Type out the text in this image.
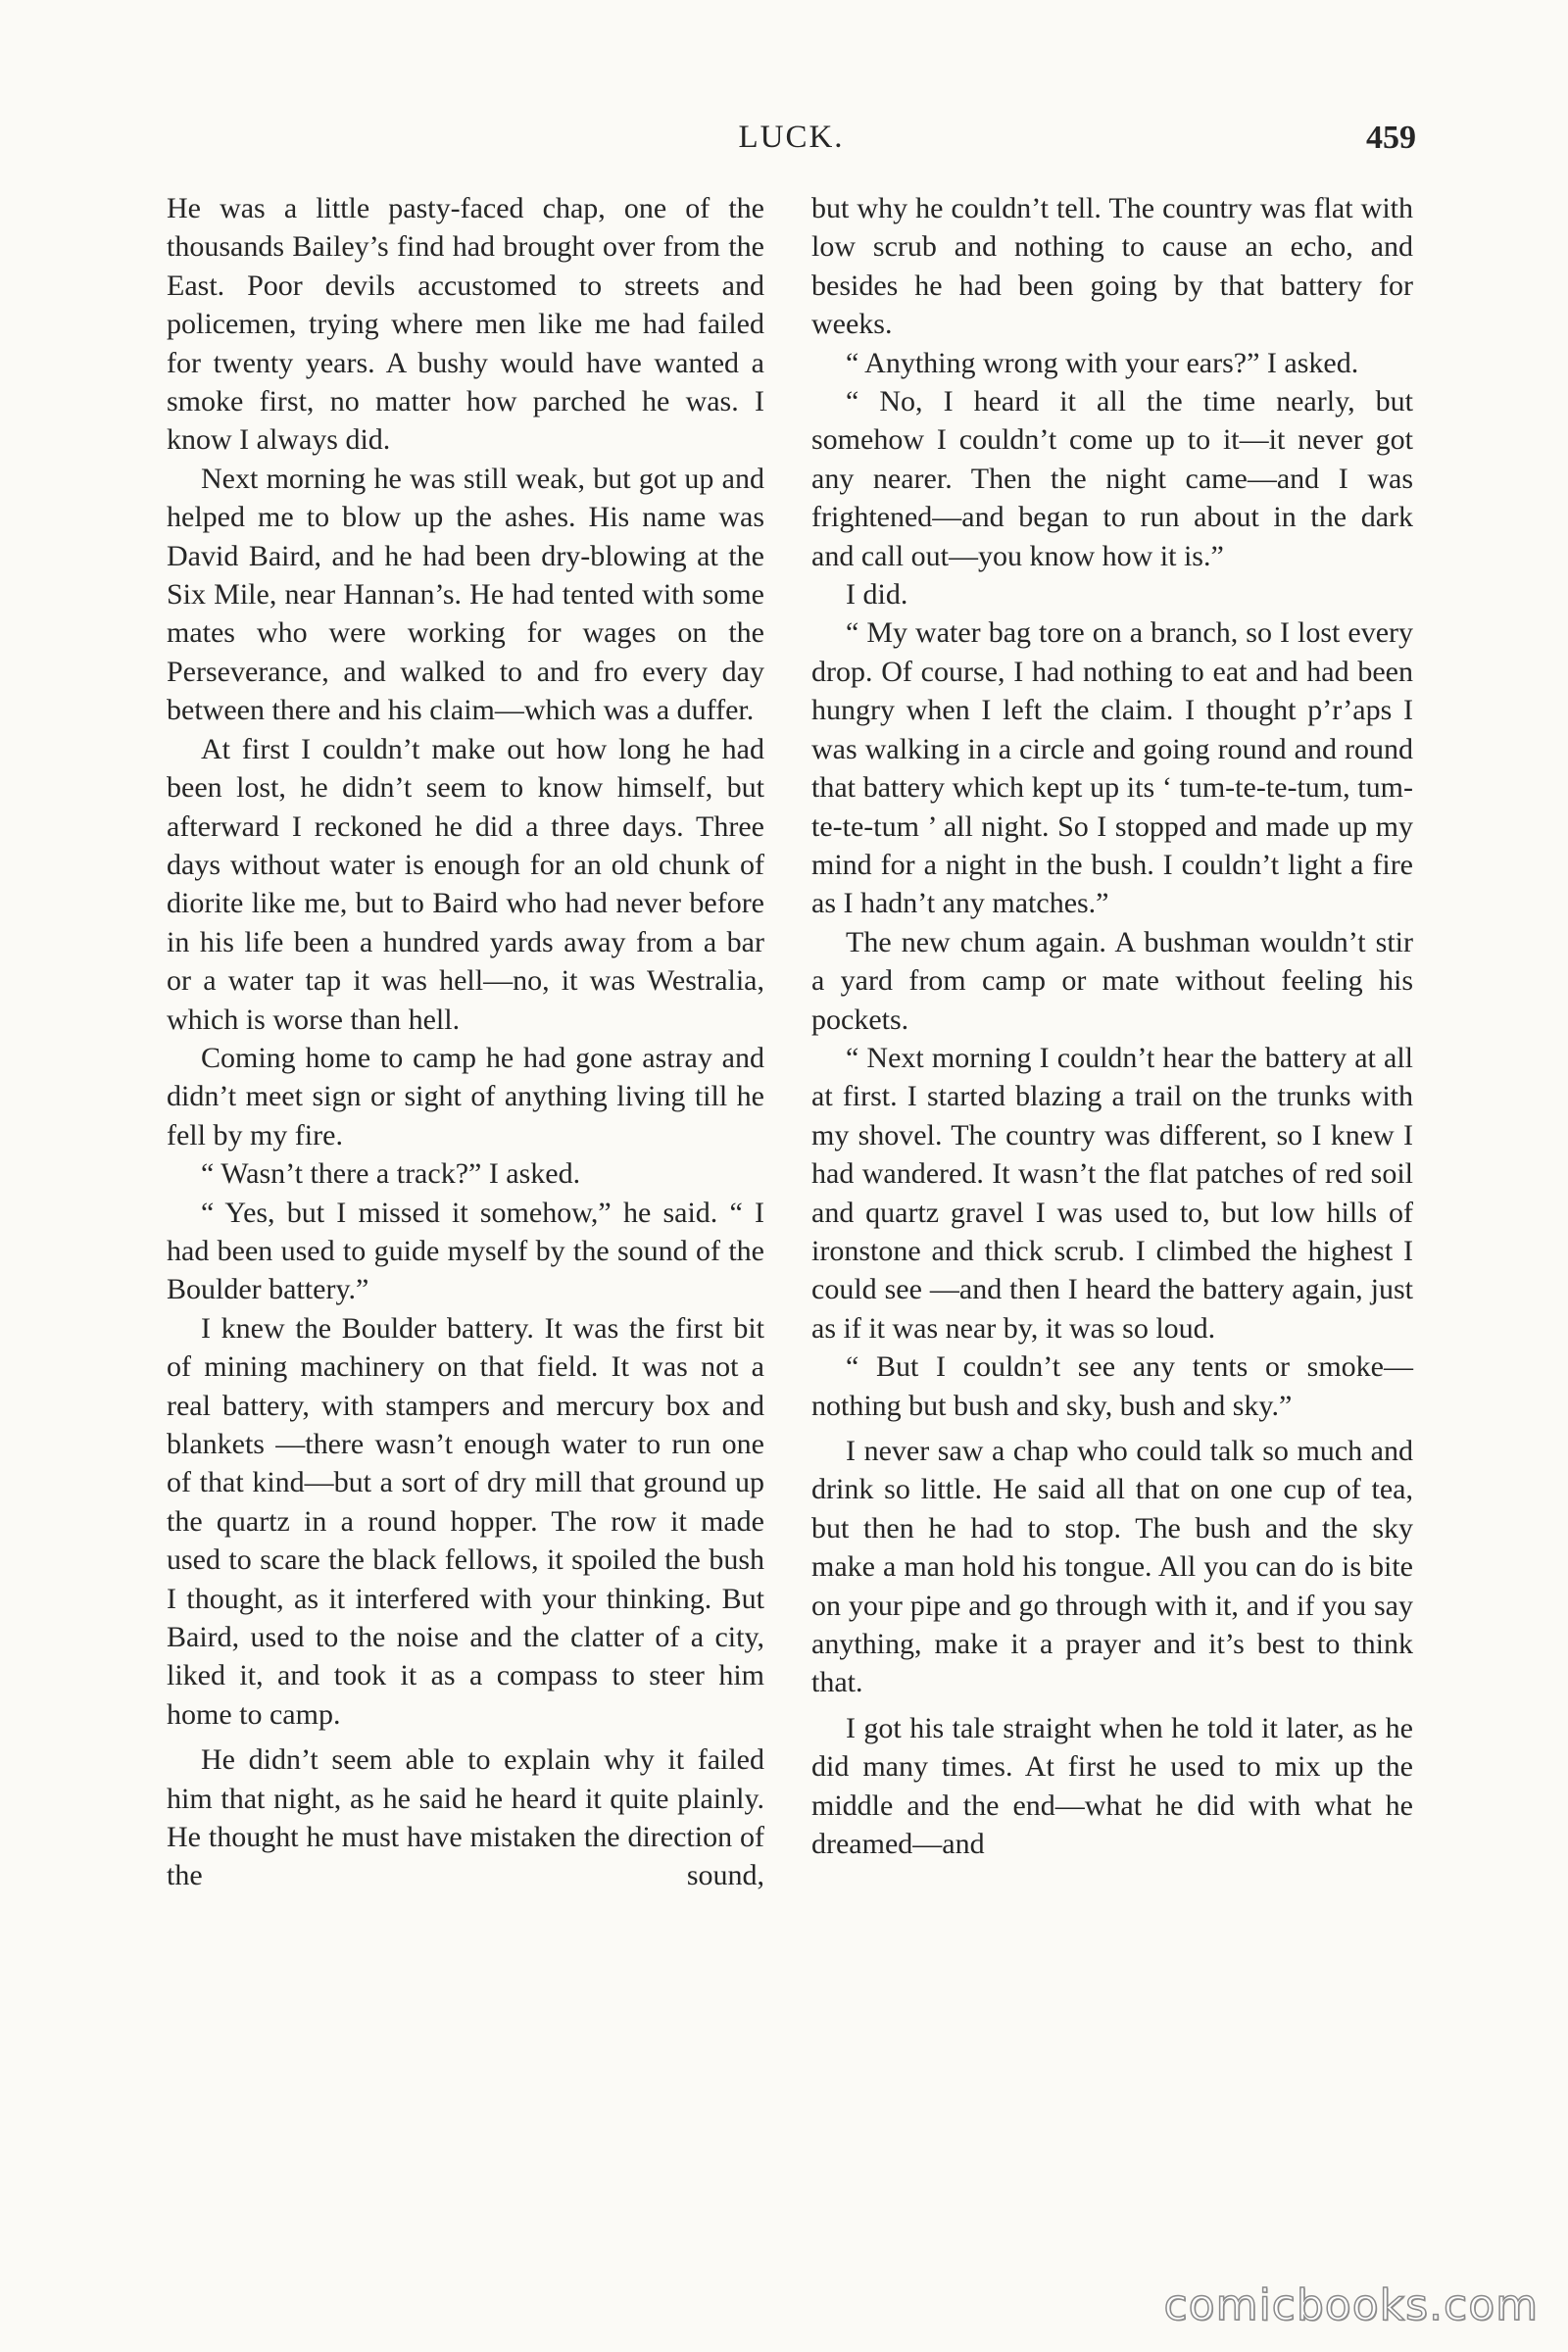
LUCK.	459

He was a little pasty-faced chap, one of the thousands Bailey’s find had brought over from the East. Poor devils accustomed to streets and policemen, trying where men like me had failed for twenty years. A bushy would have wanted a smoke first, no matter how parched he was. I know I always did.

Next morning he was still weak, but got up and helped me to blow up the ashes. His name was David Baird, and he had been dry-blowing at the Six Mile, near Hannan’s. He had tented with some mates who were working for wages on the Perseverance, and walked to and fro every day between there and his claim—which was a duffer.

At first I couldn’t make out how long he had been lost, he didn’t seem to know himself, but afterward I reckoned he did a three days. Three days without water is enough for an old chunk of diorite like me, but to Baird who had never before in his life been a hundred yards away from a bar or a water tap it was hell—no, it was Westralia, which is worse than hell.

Coming home to camp he had gone astray and didn’t meet sign or sight of anything living till he fell by my fire.

“ Wasn’t there a track?” I asked.

“ Yes, but I missed it somehow,” he said. “ I had been used to guide myself by the sound of the Boulder battery.”

I knew the Boulder battery. It was the first bit of mining machinery on that field. It was not a real battery, with stampers and mercury box and blankets —there wasn’t enough water to run one of that kind—but a sort of dry mill that ground up the quartz in a round hopper. The row it made used to scare the black fellows, it spoiled the bush I thought, as it interfered with your thinking. But Baird, used to the noise and the clatter of a city, liked it, and took it as a compass to steer him home to camp.

He didn’t seem able to explain why it failed him that night, as he said he heard it quite plainly. He thought he must have mistaken the direction of the sound,

but why he couldn’t tell. The country was flat with low scrub and nothing to cause an echo, and besides he had been going by that battery for weeks.

“ Anything wrong with your ears?” I asked.

“ No, I heard it all the time nearly, but somehow I couldn’t come up to it—it never got any nearer. Then the night came—and I was frightened—and began to run about in the dark and call out—you know how it is.”

I did.

“ My water bag tore on a branch, so I lost every drop. Of course, I had nothing to eat and had been hungry when I left the claim. I thought p’r’aps I was walking in a circle and going round and round that battery which kept up its ‘ tum-te-te-tum, tum-te-te-tum ’ all night. So I stopped and made up my mind for a night in the bush. I couldn’t light a fire as I hadn’t any matches.”

The new chum again. A bushman wouldn’t stir a yard from camp or mate without feeling his pockets.

“ Next morning I couldn’t hear the battery at all at first. I started blazing a trail on the trunks with my shovel. The country was different, so I knew I had wandered. It wasn’t the flat patches of red soil and quartz gravel I was used to, but low hills of ironstone and thick scrub. I climbed the highest I could see —and then I heard the battery again, just as if it was near by, it was so loud.

“ But I couldn’t see any tents or smoke—nothing but bush and sky, bush and sky.”

I never saw a chap who could talk so much and drink so little. He said all that on one cup of tea, but then he had to stop. The bush and the sky make a man hold his tongue. All you can do is bite on your pipe and go through with it, and if you say anything, make it a prayer and it’s best to think that.

I got his tale straight when he told it later, as he did many times. At first he used to mix up the middle and the end—what he did with what he dreamed—and

comicbooks.com
